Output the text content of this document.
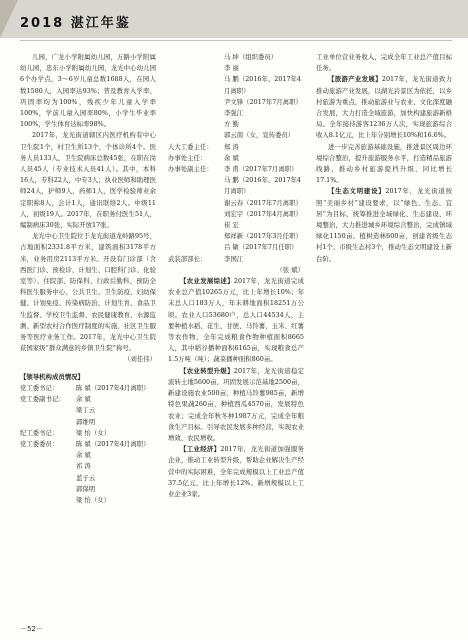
2018 湛江年鉴

儿园，广龙小学附属幼儿园，万路小学附属幼儿园，忠东小学附属幼儿园，龙光中心幼儿园6个办学点，3～6岁儿童总数1688人，在园人数1580人，入园率达93%；普及教育入学率、巩固率均为100%，残疾少年儿童入学率100%，学前儿童入园率80%，小学生毕业率100%，学生体育达标率98%。

2017年，龙光街道辖区内医疗机构有中心卫生院1个，村卫生所13个，个体诊所4个。医务人员133人，卫生院病床总数45张，在职在岗人员45人（专业技术人员41人）。其中，本科16人，专科22人，中专3人；执业医师和助理医师24人，护师9人，药师1人，医学检验师业余定职称8人，会计1人，通讯联络2人。中级11人，初级19人。2017年，在职务付医生51人，编制病床30张，实际开放17张。

龙光中心卫生院位于龙光街道龙岭路95号，占地面积2331.8平方米，建筑面积3178平方米，业务用房2113平方米。开设有门诊部（含西医门诊、预检诊、计划生、口腔科门诊、化验室等）、住院部、防保科、行政后勤科、预防全科医生服务中心、公共卫生、卫生防疫、妇幼保健、计划免疫、传染病防治、计划生育、食品卫生监督、学校卫生监督、农民健康教育、水源监测、新型农村合作医疗制度的实施，社区卫生服务等医疗业务工作。2017年，龙光中心卫生院获国家级“群众满意的乡镇卫生院”称号。

（刘佳伟）

【领导机构成员情况】

党工委书记：	陈 斌（2017年4月离职）
党工委副书记：	余 斌
梁丁云
郭维明
纪工委书记：	梁 怡（女）
党工委委员：	陈 斌（2017年4月离职）
余 斌
祁 涛
蓝子云
郭保明
梁 怡（女）
马 坤（组织委员）
李 丽
马 鹏（2016年、2017年4月离职）
尹文锋（2017年7月离职）
李强江
方 勤
郭云南（女，宣传委员）
人大工委主任：	郑 涛
办事处主任：	余 斌
办事处副主任：	李 甫（2017年7月离职）
马 鹏（2016年、2017年4月离职）
谢云春（2017年7月离职）
刘宏宇（2017年4月离职）
崔 宏
郑祥新（2017年3月任职）
吕 敏（2017年7月任职）
武装部部长：	李国江

（张 斌）

【农业发展综述】2017年，龙光街道完成农业总产值10265万元，比上年增长10%；年末总人口183万人，年末耕地面积18251万公顷。农业人口53680户，总人口44534人，主要种植水稻、花生、甘蔗、马铃薯、玉米、红薯等农作物，全年完成粮食作物种植面积8665人，其中稻谷播种面积6165亩，实现粮食总产1.5万吨（吨）；蔬菜播种面积860亩。

【农业转型升级】2017年，龙光街道稳定流转土地5600亩，巩固发展示范基地2500亩，新建设施农业500亩，种植马铃薯985亩，新增特色果蔬260亩，种植西瓜4570亩，发展特色农业；完成全年秋冬种1987万元，完成全年粮食生产目标。引导农民发展多种经营，实现农业增效、农民增收。

【工业经济】2017年，龙光街道加强服务企业，推动工业转型升级，帮助企业解决生产经营中的实际困难，全年完成规模以上工业总产值37.5亿元，比上年增长12%。新增规模以上工业企业3家。

工业单位营业务收入，完成全年工业总产值目标任务。

【旅游产业发展】2017年，龙光街道致力推动旅游产业发展，以湖光岩景区为依托，以乡村旅游为重点，推动旅游业与农业、文化深度融合发展，大力打造全域旅游，加快构建旅游新格局。全年接待游客1236万人次，实现旅游综合收入8.1亿元，比上年分别增长10%和16.6%。

进一步完善旅游基础设施，推进景区周边环境综合整治，提升旅游服务水平，打造精品旅游线路，推动乡村旅游提档升级，同比增长17.1%。

【生态文明建设】2017年，龙光街道按照“美丽乡村”建设要求，以“绿色、生态、宜居”为目标，统筹推进全域绿化、生态建设、环境整治，大力推进城乡环境综合整治，完成镇域绿化1150亩、植树造林600亩，创建省级生态村1个、市级生态村3个，推动生态文明建设上新台阶。

－52－
